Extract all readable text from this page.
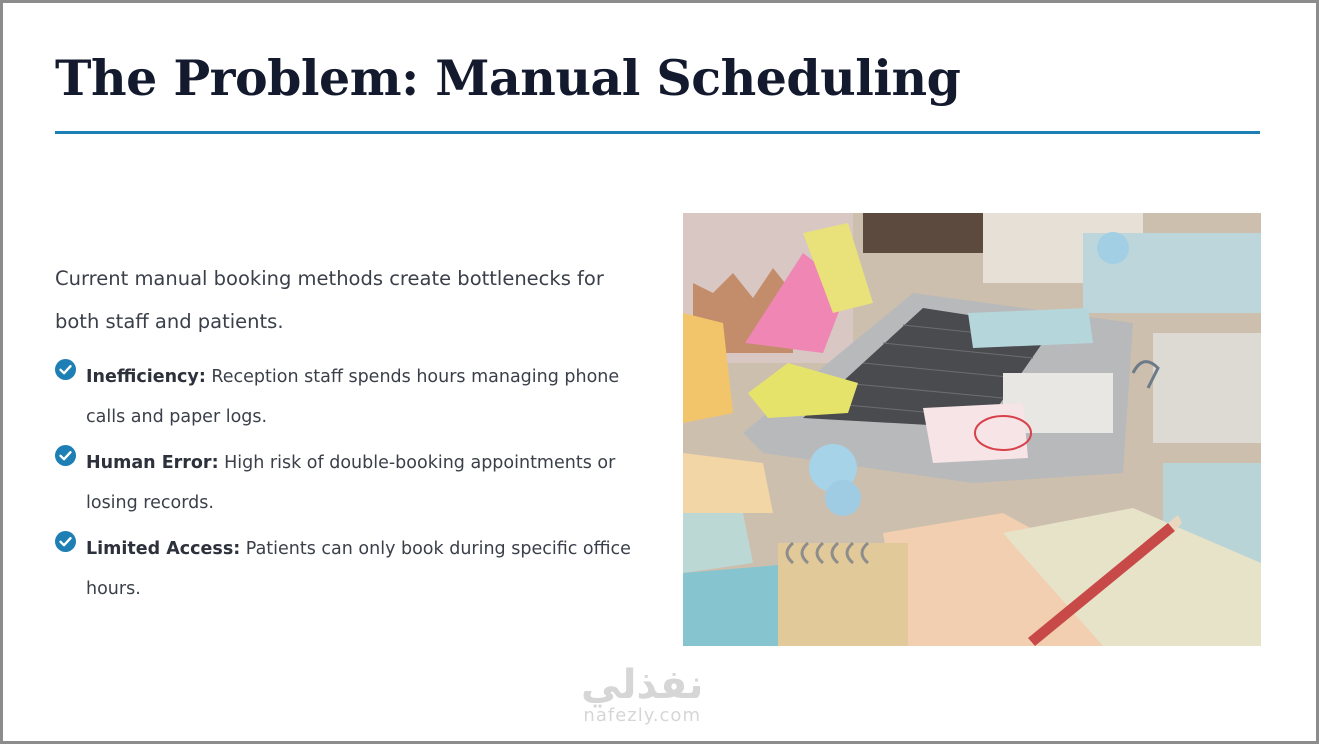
The Problem: Manual Scheduling

Current manual booking methods create bottlenecks for both staff and patients.

Inefficiency: Reception staff spends hours managing phone calls and paper logs.

Human Error: High risk of double-booking appointments or losing records.

Limited Access: Patients can only book during specific office hours.

نفذلي
nafezly.com
